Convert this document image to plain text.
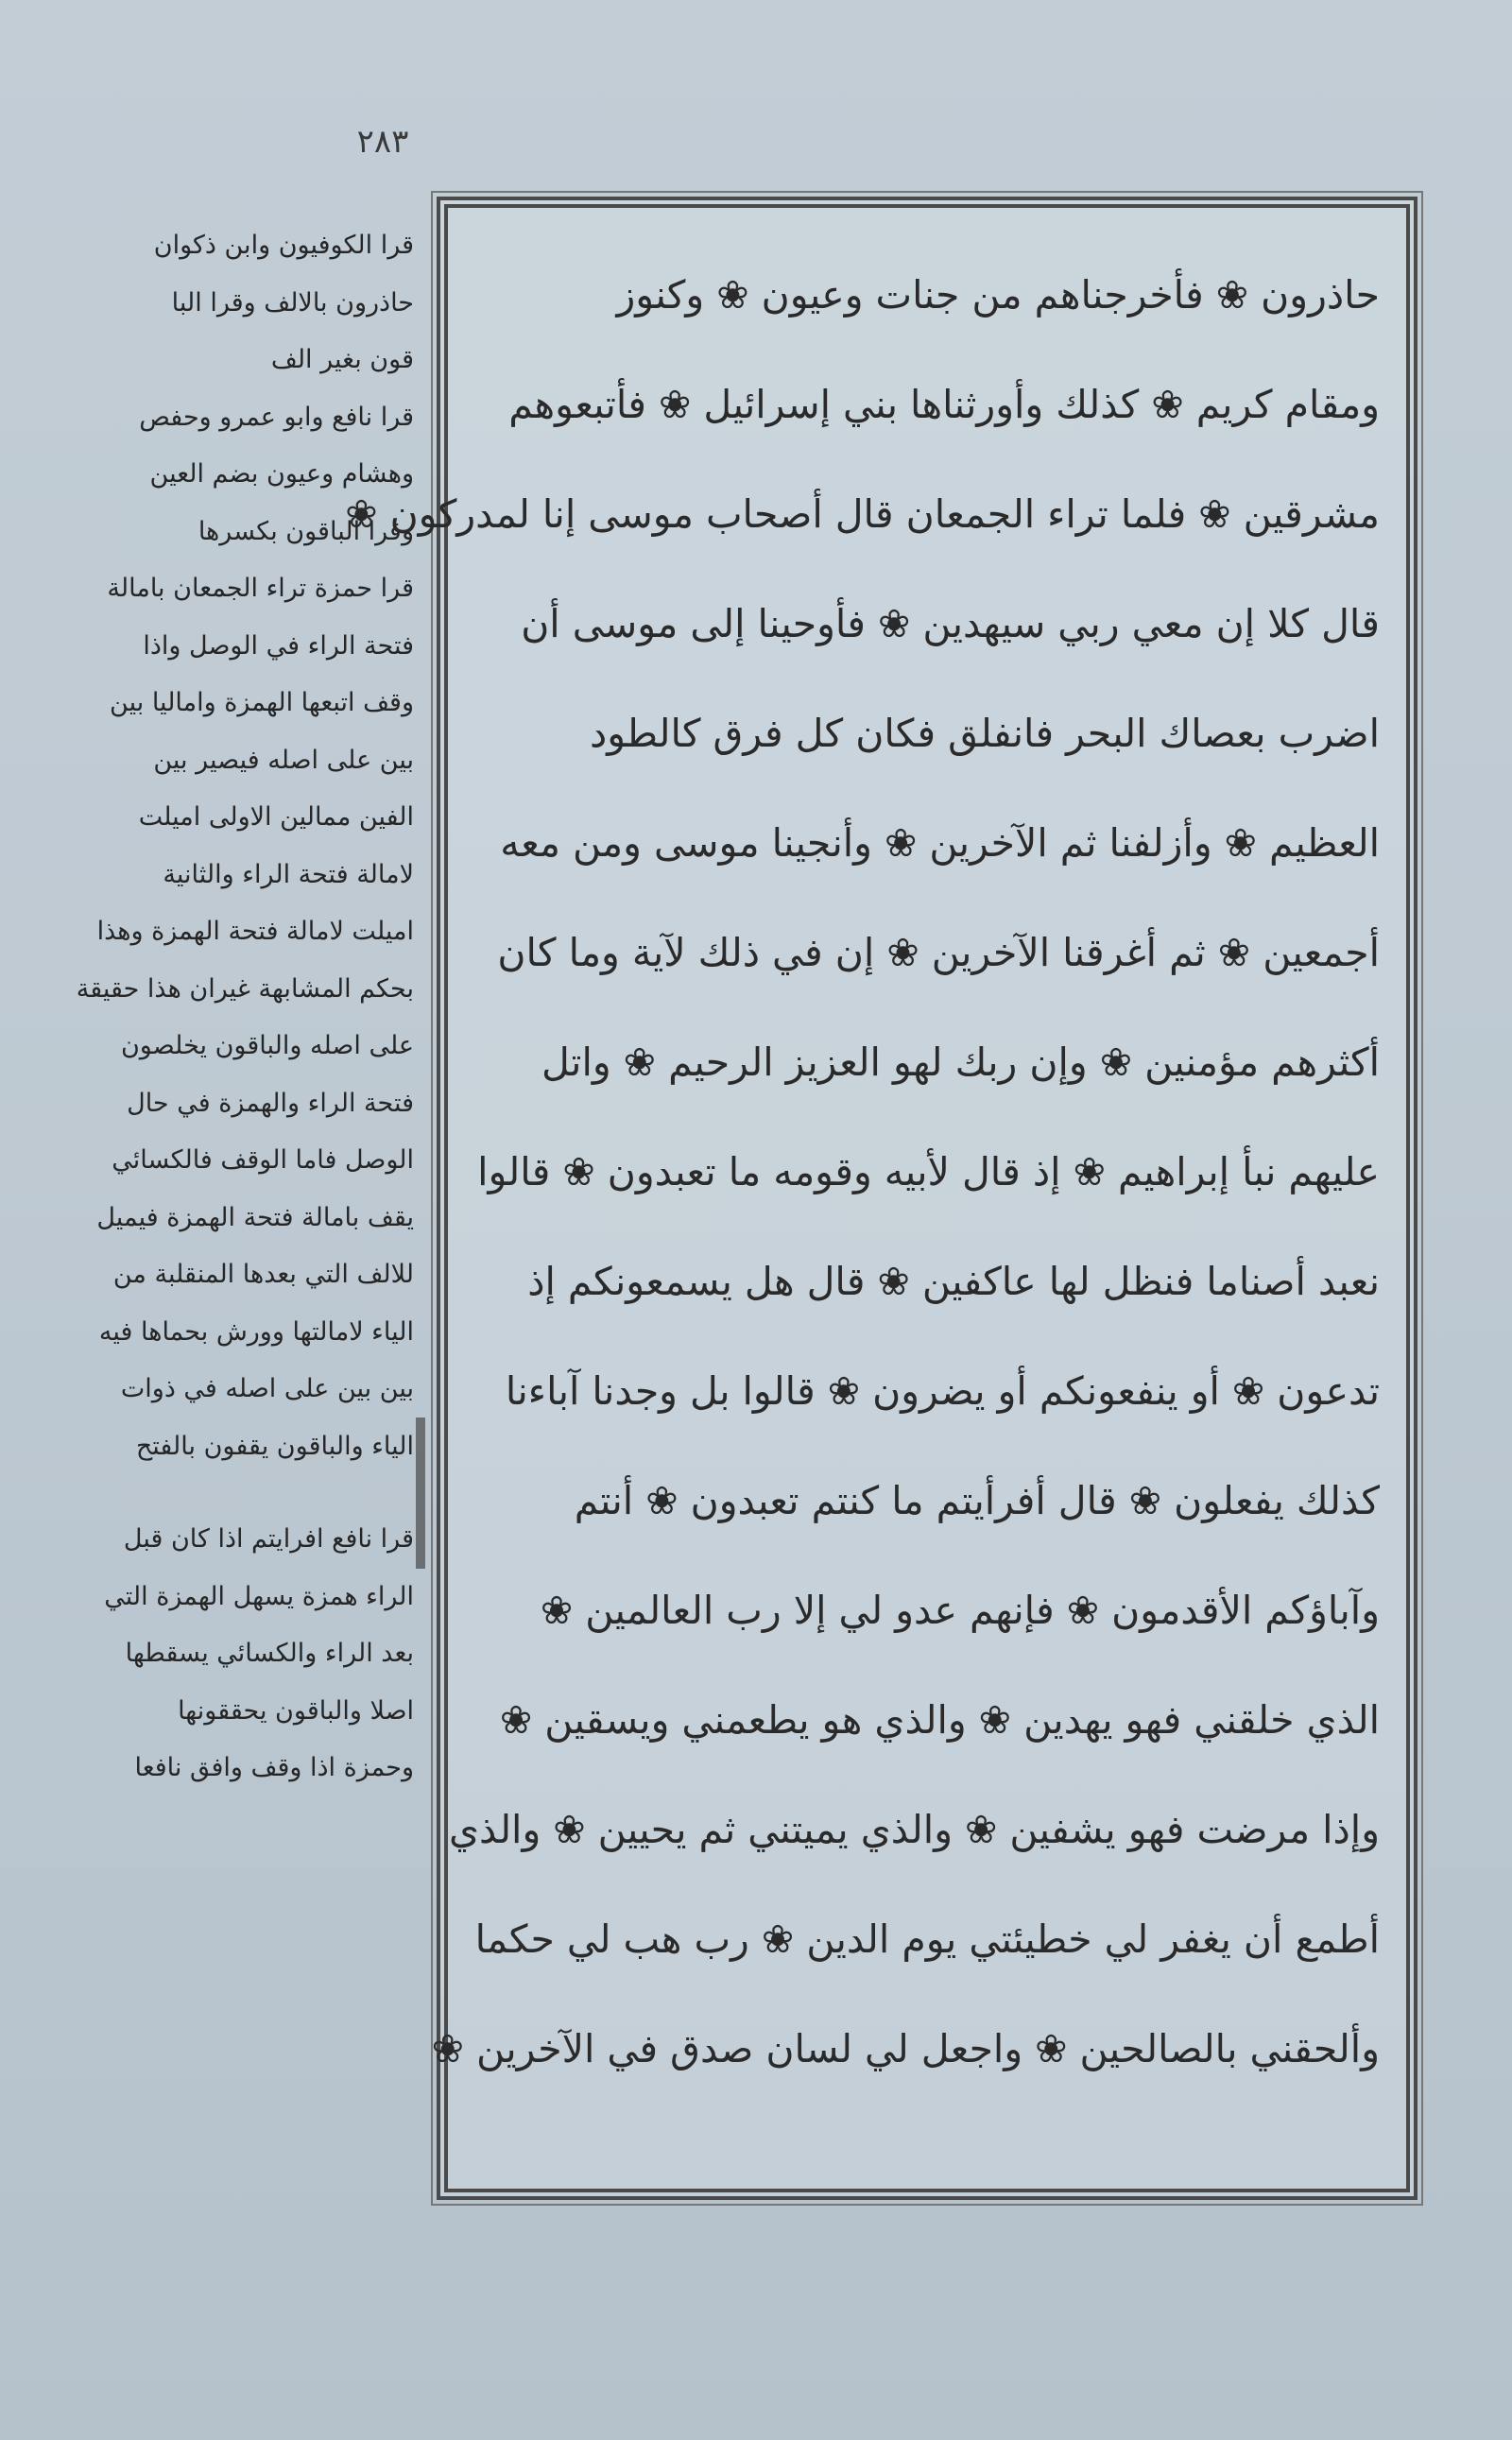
٢٨٣
قرا الكوفيون وابن ذكوان
حاذرون بالالف وقرا البا
قون بغير الف
قرا نافع وابو عمرو وحفص
وهشام وعيون بضم العين
وقرا الباقون بكسرها
قرا حمزة تراء الجمعان بامالة
فتحة الراء في الوصل واذا
وقف اتبعها الهمزة واماليا بين
بين على اصله فيصير بين
الفين ممالين الاولى اميلت
لامالة فتحة الراء والثانية
اميلت لامالة فتحة الهمزة وهذا
بحكم المشابهة غيران هذا حقيقة
على اصله والباقون يخلصون
فتحة الراء والهمزة في حال
الوصل فاما الوقف فالكسائي
يقف بامالة فتحة الهمزة فيميل
للالف التي بعدها المنقلبة من
الياء لامالتها وورش بحماها فيه
بين بين على اصله في ذوات
الياء والباقون يقفون بالفتح
قرا نافع افرايتم اذا كان قبل
الراء همزة يسهل الهمزة التي
بعد الراء والكسائي يسقطها
اصلا والباقون يحققونها
وحمزة اذا وقف وافق نافعا
حاذرون ❀ فأخرجناهم من جنات وعيون ❀ وكنوز
ومقام كريم ❀ كذلك وأورثناها بني إسرائيل ❀ فأتبعوهم
مشرقين ❀ فلما تراء الجمعان قال أصحاب موسى إنا لمدركون ❀
قال كلا إن معي ربي سيهدين ❀ فأوحينا إلى موسى أن
اضرب بعصاك البحر فانفلق فكان كل فرق كالطود
العظيم ❀ وأزلفنا ثم الآخرين ❀ وأنجينا موسى ومن معه
أجمعين ❀ ثم أغرقنا الآخرين ❀ إن في ذلك لآية وما كان
أكثرهم مؤمنين ❀ وإن ربك لهو العزيز الرحيم ❀ واتل
عليهم نبأ إبراهيم ❀ إذ قال لأبيه وقومه ما تعبدون ❀ قالوا
نعبد أصناما فنظل لها عاكفين ❀ قال هل يسمعونكم إذ
تدعون ❀ أو ينفعونكم أو يضرون ❀ قالوا بل وجدنا آباءنا
كذلك يفعلون ❀ قال أفرأيتم ما كنتم تعبدون ❀ أنتم
وآباؤكم الأقدمون ❀ فإنهم عدو لي إلا رب العالمين ❀
الذي خلقني فهو يهدين ❀ والذي هو يطعمني ويسقين ❀
وإذا مرضت فهو يشفين ❀ والذي يميتني ثم يحيين ❀ والذي
أطمع أن يغفر لي خطيئتي يوم الدين ❀ رب هب لي حكما
وألحقني بالصالحين ❀ واجعل لي لسان صدق في الآخرين ❀
